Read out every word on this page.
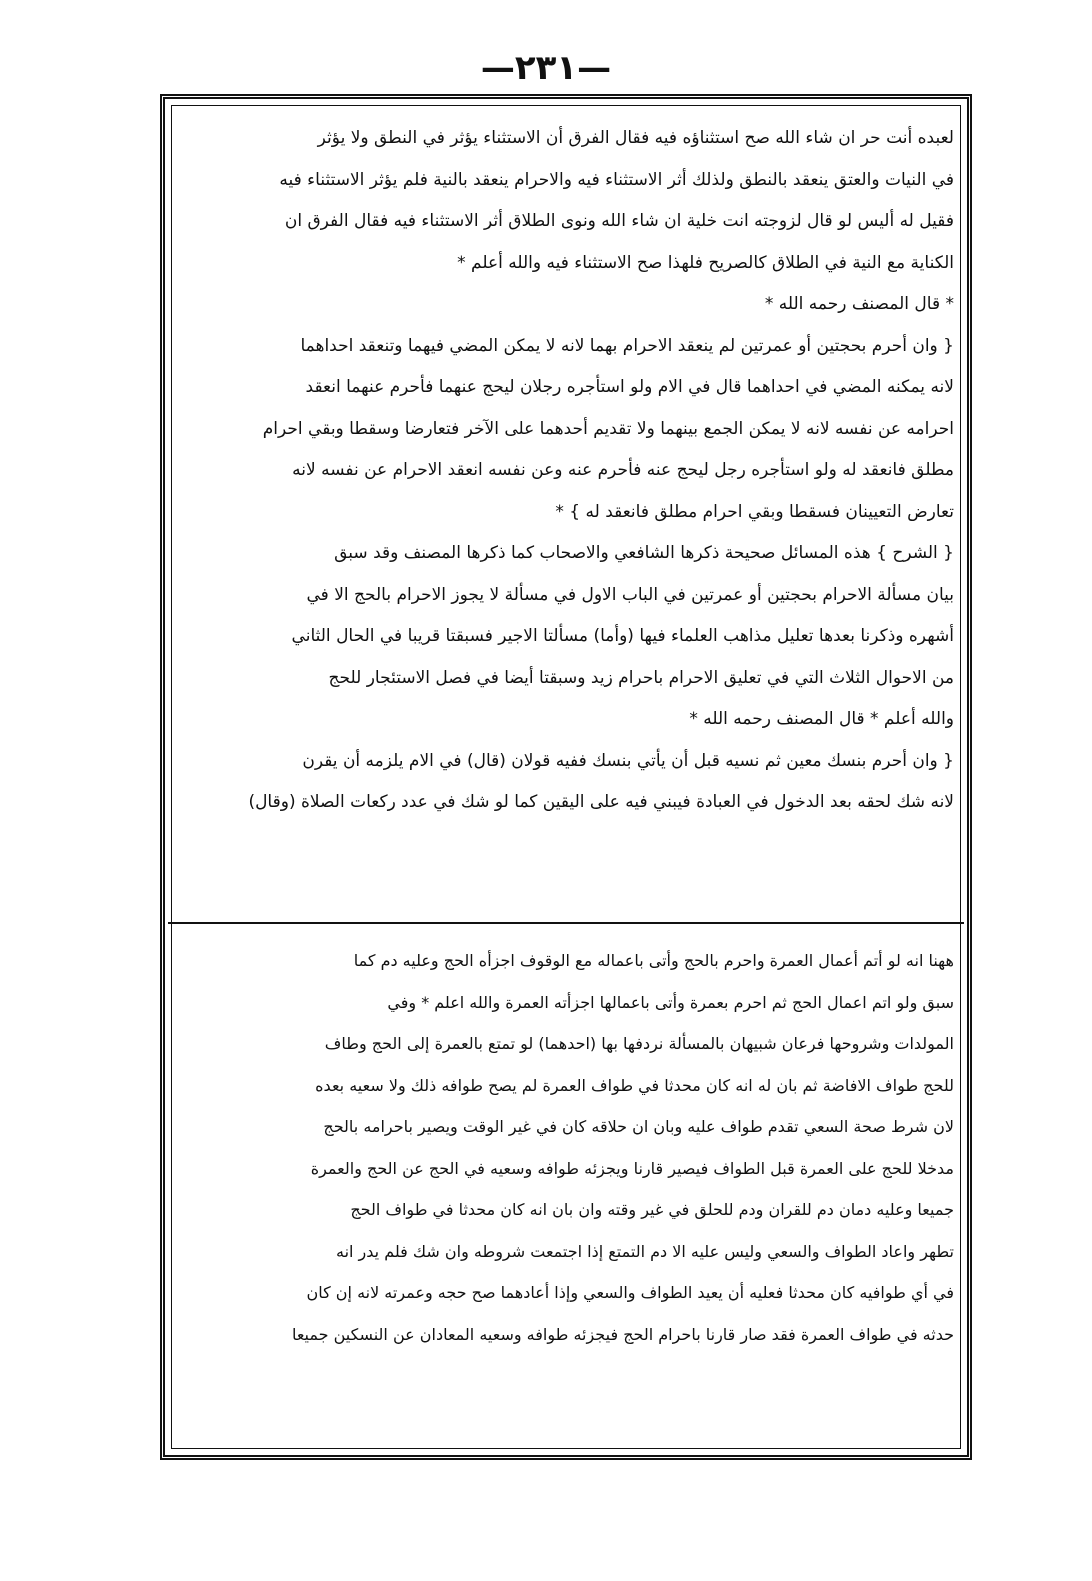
—٢٣١—
لعبده أنت حر ان شاء الله صح استثناؤه فيه فقال الفرق أن الاستثناء يؤثر في النطق ولا يؤثر
في النيات والعتق ينعقد بالنطق ولذلك أثر الاستثناء فيه والاحرام ينعقد بالنية فلم يؤثر الاستثناء فيه
فقيل له أليس لو قال لزوجته انت خلية ان شاء الله ونوى الطلاق أثر الاستثناء فيه فقال الفرق ان
الكناية مع النية في الطلاق كالصريح فلهذا صح الاستثناء فيه والله أعلم *
* قال المصنف رحمه الله *
{ وان أحرم بحجتين أو عمرتين لم ينعقد الاحرام بهما لانه لا يمكن المضي فيهما وتنعقد احداهما
لانه يمكنه المضي في احداهما قال في الام ولو استأجره رجلان ليحج عنهما فأحرم عنهما انعقد
احرامه عن نفسه لانه لا يمكن الجمع بينهما ولا تقديم أحدهما على الآخر فتعارضا وسقطا وبقي احرام
مطلق فانعقد له ولو استأجره رجل ليحج عنه فأحرم عنه وعن نفسه انعقد الاحرام عن نفسه لانه
تعارض التعيينان فسقطا وبقي احرام مطلق فانعقد له } *
{ الشرح } هذه المسائل صحيحة ذكرها الشافعي والاصحاب كما ذكرها المصنف وقد سبق
بيان مسألة الاحرام بحجتين أو عمرتين في الباب الاول في مسألة لا يجوز الاحرام بالحج الا في
أشهره وذكرنا بعدها تعليل مذاهب العلماء فيها (وأما) مسألتا الاجير فسبقتا قريبا في الحال الثاني
من الاحوال الثلاث التي في تعليق الاحرام باحرام زيد وسبقتا أيضا في فصل الاستئجار للحج
والله أعلم * قال المصنف رحمه الله *
{ وان أحرم بنسك معين ثم نسيه قبل أن يأتي بنسك ففيه قولان (قال) في الام يلزمه أن يقرن
لانه شك لحقه بعد الدخول في العبادة فيبني فيه على اليقين كما لو شك في عدد ركعات الصلاة (وقال)
ههنا انه لو أتم أعمال العمرة واحرم بالحج وأتى باعماله مع الوقوف اجزأه الحج وعليه دم كما
سبق ولو اتم اعمال الحج ثم احرم بعمرة وأتى باعمالها اجزأته العمرة والله اعلم * وفي
المولدات وشروحها فرعان شبيهان بالمسألة نردفها بها (احدهما) لو تمتع بالعمرة إلى الحج وطاف
للحج طواف الافاضة ثم بان له انه كان محدثا في طواف العمرة لم يصح طوافه ذلك ولا سعيه بعده
لان شرط صحة السعي تقدم طواف عليه وبان ان حلاقه كان في غير الوقت ويصير باحرامه بالحج
مدخلا للحج على العمرة قبل الطواف فيصير قارنا ويجزئه طوافه وسعيه في الحج عن الحج والعمرة
جميعا وعليه دمان دم للقران ودم للحلق في غير وقته وان بان انه كان محدثا في طواف الحج
تطهر واعاد الطواف والسعي وليس عليه الا دم التمتع إذا اجتمعت شروطه وان شك فلم يدر انه
في أي طوافيه كان محدثا فعليه أن يعيد الطواف والسعي وإذا أعادهما صح حجه وعمرته لانه إن كان
حدثه في طواف العمرة فقد صار قارنا باحرام الحج فيجزئه طوافه وسعيه المعادان عن النسكين جميعا
